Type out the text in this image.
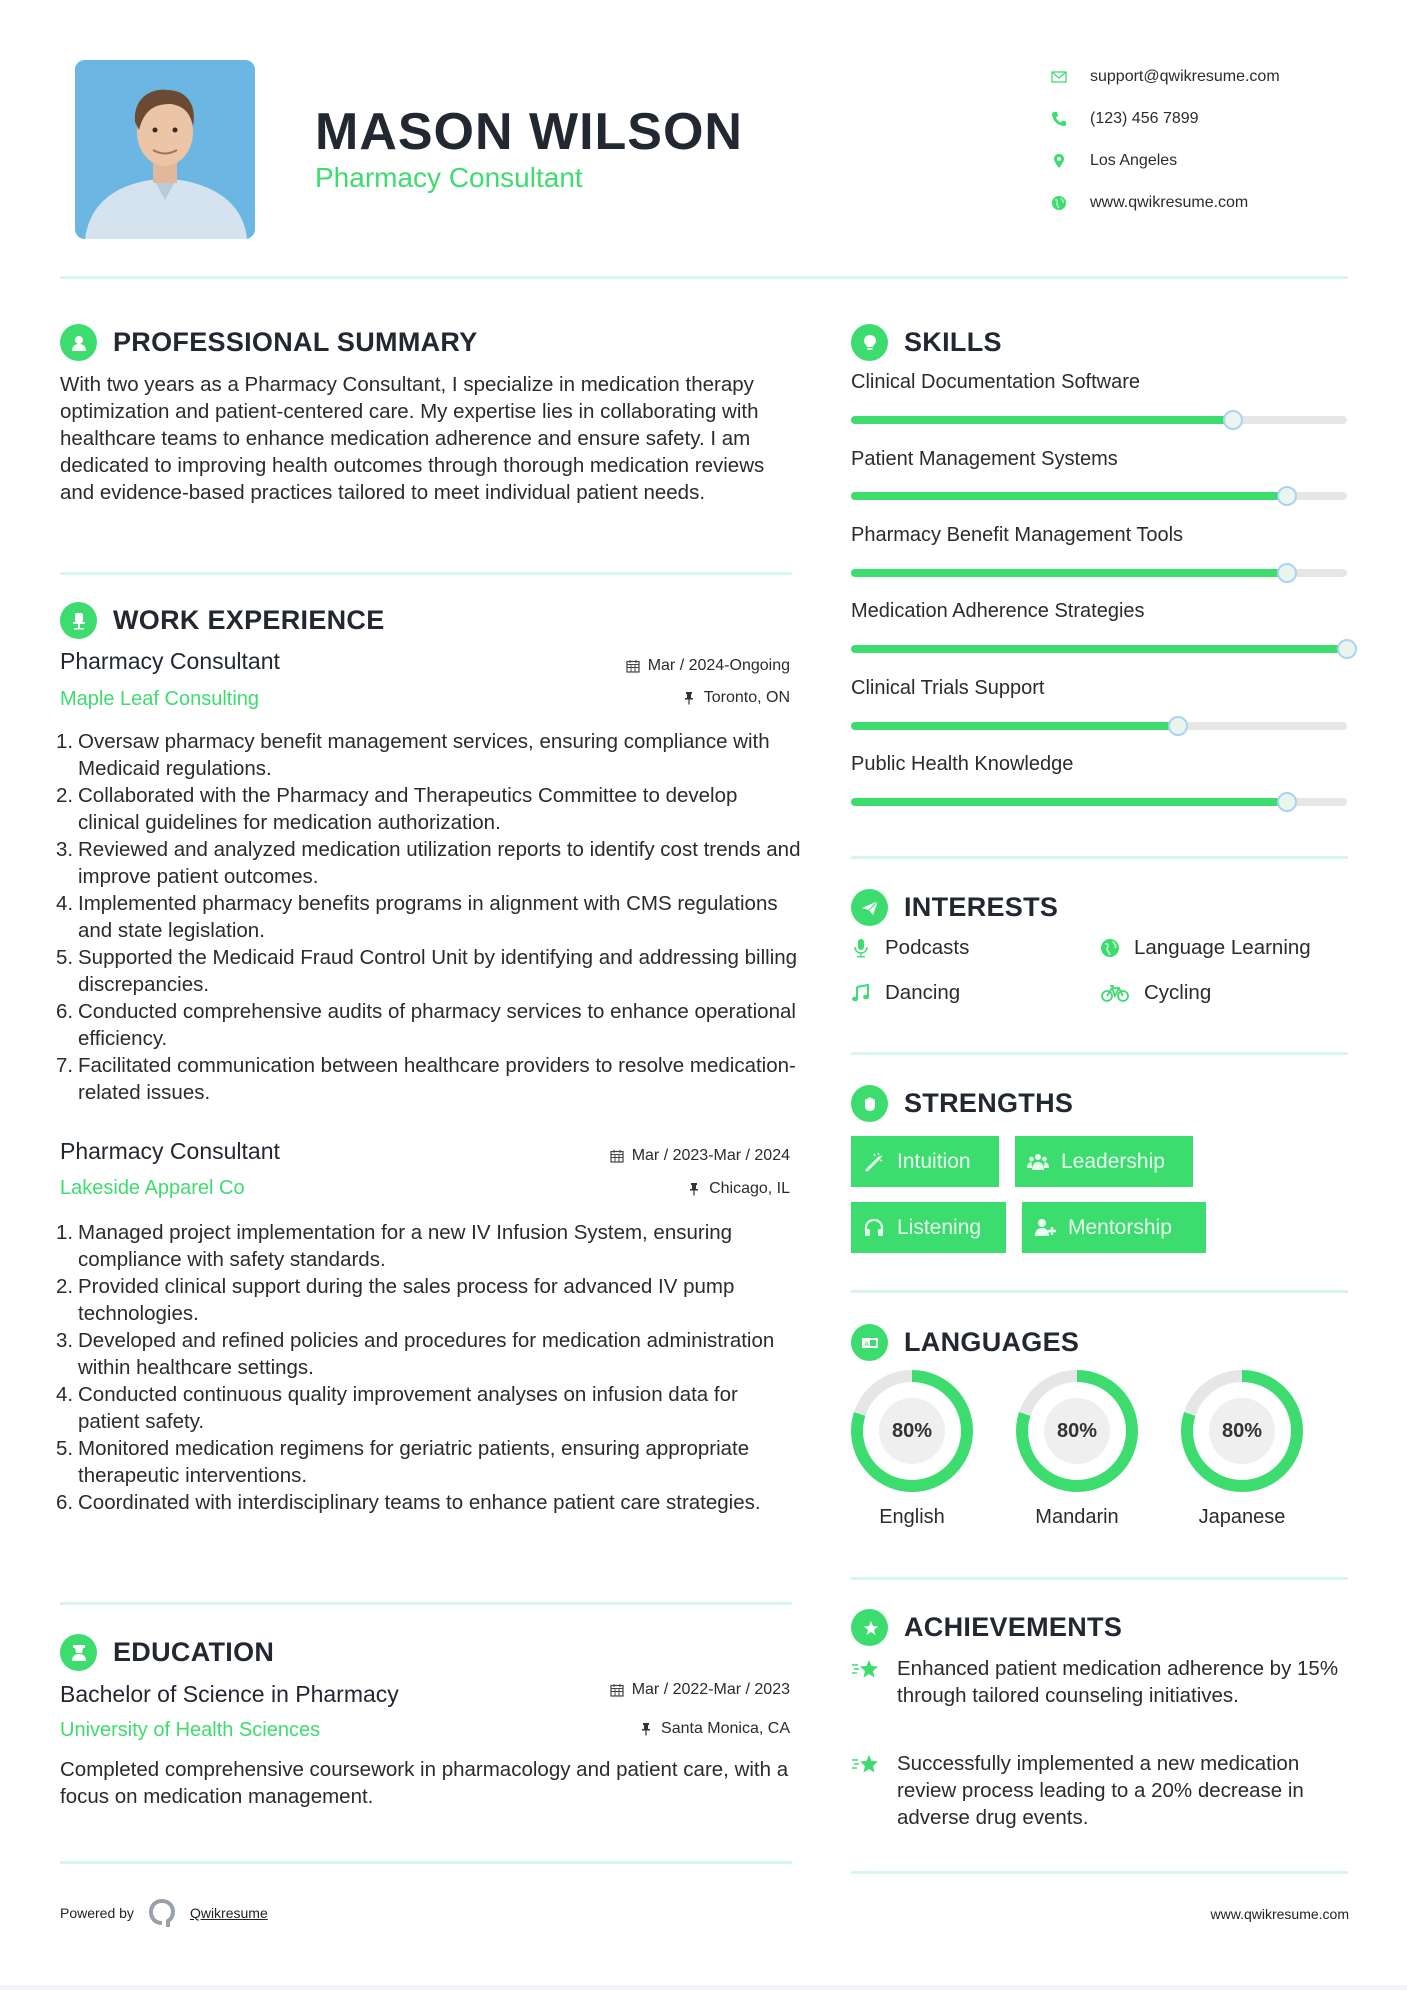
MASON WILSON
Pharmacy Consultant
support@qwikresume.com
(123) 456 7899
Los Angeles
www.qwikresume.com
PROFESSIONAL SUMMARY
With two years as a Pharmacy Consultant, I specialize in medication therapy optimization and patient-centered care. My expertise lies in collaborating with healthcare teams to enhance medication adherence and ensure safety. I am dedicated to improving health outcomes through thorough medication reviews and evidence-based practices tailored to meet individual patient needs.
WORK EXPERIENCE
Pharmacy Consultant
Maple Leaf Consulting
Mar / 2024-Ongoing
Toronto, ON
1. Oversaw pharmacy benefit management services, ensuring compliance with Medicaid regulations.
2. Collaborated with the Pharmacy and Therapeutics Committee to develop clinical guidelines for medication authorization.
3. Reviewed and analyzed medication utilization reports to identify cost trends and improve patient outcomes.
4. Implemented pharmacy benefits programs in alignment with CMS regulations and state legislation.
5. Supported the Medicaid Fraud Control Unit by identifying and addressing billing discrepancies.
6. Conducted comprehensive audits of pharmacy services to enhance operational efficiency.
7. Facilitated communication between healthcare providers to resolve medication-related issues.
Pharmacy Consultant
Lakeside Apparel Co
Mar / 2023-Mar / 2024
Chicago, IL
1. Managed project implementation for a new IV Infusion System, ensuring compliance with safety standards.
2. Provided clinical support during the sales process for advanced IV pump technologies.
3. Developed and refined policies and procedures for medication administration within healthcare settings.
4. Conducted continuous quality improvement analyses on infusion data for patient safety.
5. Monitored medication regimens for geriatric patients, ensuring appropriate therapeutic interventions.
6. Coordinated with interdisciplinary teams to enhance patient care strategies.
EDUCATION
Bachelor of Science in Pharmacy
University of Health Sciences
Mar / 2022-Mar / 2023
Santa Monica, CA
Completed comprehensive coursework in pharmacology and patient care, with a focus on medication management.
SKILLS
Clinical Documentation Software
Patient Management Systems
Pharmacy Benefit Management Tools
Medication Adherence Strategies
Clinical Trials Support
Public Health Knowledge
INTERESTS
Podcasts	Language Learning
Dancing	Cycling
STRENGTHS
Intuition	Leadership
Listening	Mentorship
A LANGUAGES
80%
English
80%
Mandarin
80%
Japanese
ACHIEVEMENTS
Enhanced patient medication adherence by 15% through tailored counseling initiatives.
Successfully implemented a new medication review process leading to a 20% decrease in adverse drug events.
Powered by	Qwikresume	www.qwikresume.com
